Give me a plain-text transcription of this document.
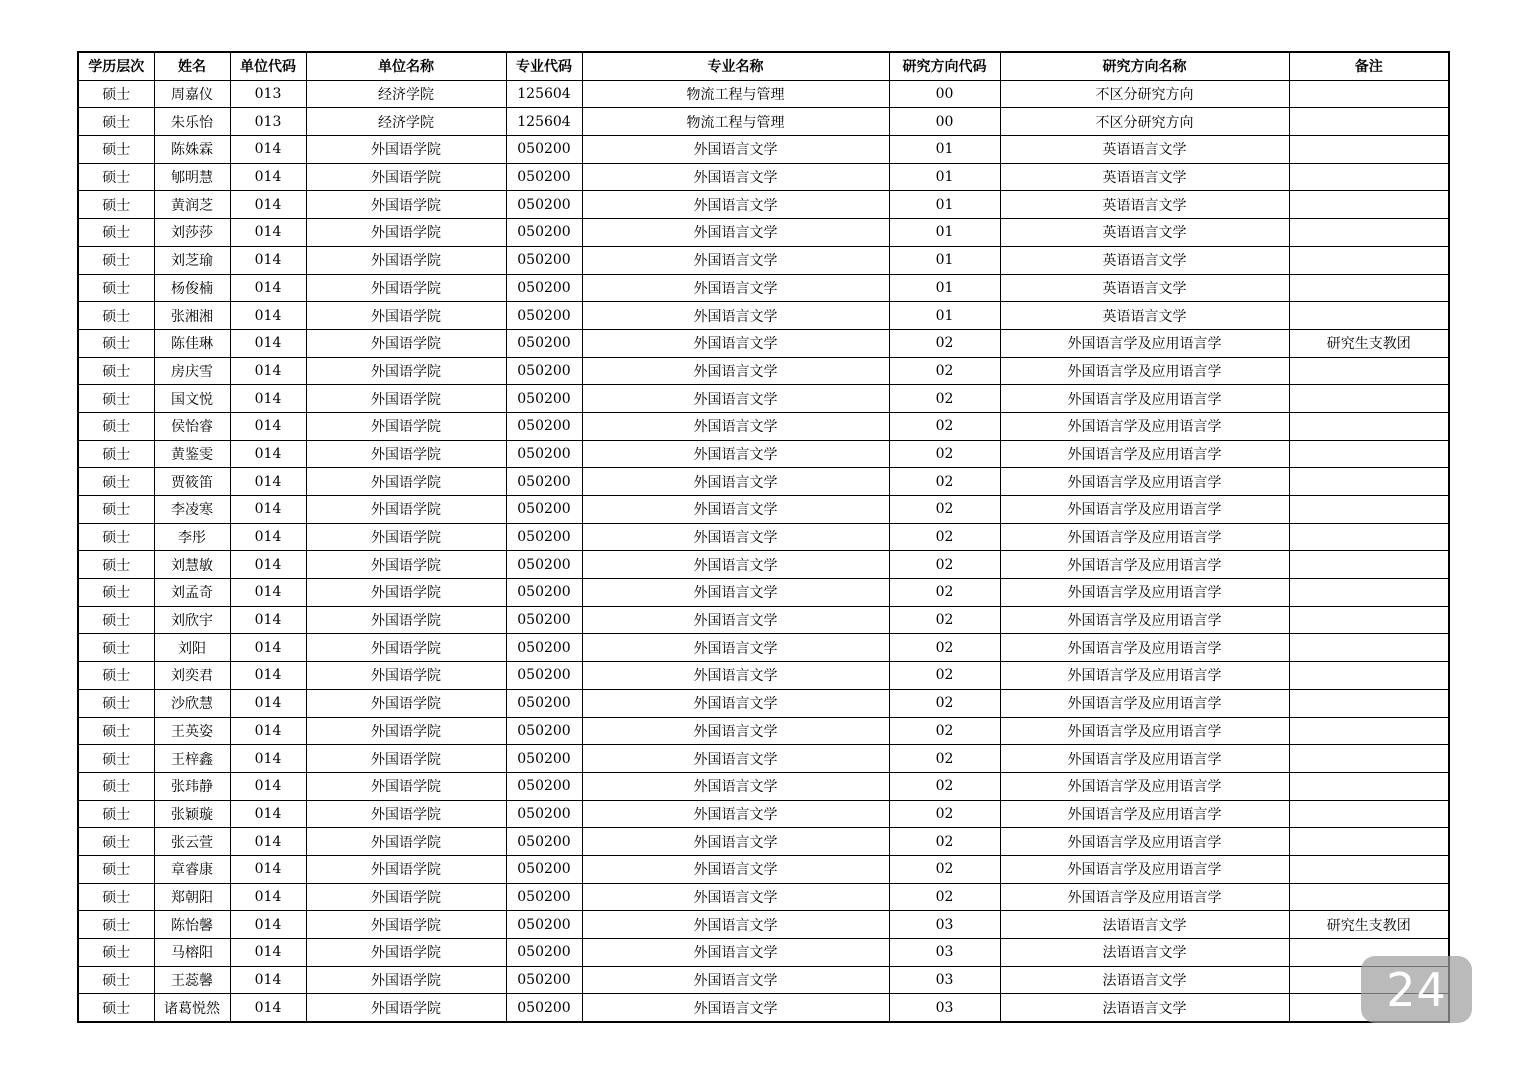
学历层次	姓名	单位代码	单位名称	专业代码	专业名称	研究方向代码	研究方向名称	备注
硕士	周嘉仪	013	经济学院	125604	物流工程与管理	00	不区分研究方向	
硕士	朱乐怡	013	经济学院	125604	物流工程与管理	00	不区分研究方向	
硕士	陈姝霖	014	外国语学院	050200	外国语言文学	01	英语语言文学	
硕士	郇明慧	014	外国语学院	050200	外国语言文学	01	英语语言文学	
硕士	黄润芝	014	外国语学院	050200	外国语言文学	01	英语语言文学	
硕士	刘莎莎	014	外国语学院	050200	外国语言文学	01	英语语言文学	
硕士	刘芝瑜	014	外国语学院	050200	外国语言文学	01	英语语言文学	
硕士	杨俊楠	014	外国语学院	050200	外国语言文学	01	英语语言文学	
硕士	张湘湘	014	外国语学院	050200	外国语言文学	01	英语语言文学	
硕士	陈佳琳	014	外国语学院	050200	外国语言文学	02	外国语言学及应用语言学	研究生支教团
硕士	房庆雪	014	外国语学院	050200	外国语言文学	02	外国语言学及应用语言学	
硕士	国文悦	014	外国语学院	050200	外国语言文学	02	外国语言学及应用语言学	
硕士	侯怡睿	014	外国语学院	050200	外国语言文学	02	外国语言学及应用语言学	
硕士	黄鉴雯	014	外国语学院	050200	外国语言文学	02	外国语言学及应用语言学	
硕士	贾筱笛	014	外国语学院	050200	外国语言文学	02	外国语言学及应用语言学	
硕士	李凌寒	014	外国语学院	050200	外国语言文学	02	外国语言学及应用语言学	
硕士	李彤	014	外国语学院	050200	外国语言文学	02	外国语言学及应用语言学	
硕士	刘慧敏	014	外国语学院	050200	外国语言文学	02	外国语言学及应用语言学	
硕士	刘孟奇	014	外国语学院	050200	外国语言文学	02	外国语言学及应用语言学	
硕士	刘欣宇	014	外国语学院	050200	外国语言文学	02	外国语言学及应用语言学	
硕士	刘阳	014	外国语学院	050200	外国语言文学	02	外国语言学及应用语言学	
硕士	刘奕君	014	外国语学院	050200	外国语言文学	02	外国语言学及应用语言学	
硕士	沙欣慧	014	外国语学院	050200	外国语言文学	02	外国语言学及应用语言学	
硕士	王英姿	014	外国语学院	050200	外国语言文学	02	外国语言学及应用语言学	
硕士	王梓鑫	014	外国语学院	050200	外国语言文学	02	外国语言学及应用语言学	
硕士	张玮静	014	外国语学院	050200	外国语言文学	02	外国语言学及应用语言学	
硕士	张颖璇	014	外国语学院	050200	外国语言文学	02	外国语言学及应用语言学	
硕士	张云萱	014	外国语学院	050200	外国语言文学	02	外国语言学及应用语言学	
硕士	章睿康	014	外国语学院	050200	外国语言文学	02	外国语言学及应用语言学	
硕士	郑朝阳	014	外国语学院	050200	外国语言文学	02	外国语言学及应用语言学	
硕士	陈怡馨	014	外国语学院	050200	外国语言文学	03	法语语言文学	研究生支教团
硕士	马榕阳	014	外国语学院	050200	外国语言文学	03	法语语言文学	
硕士	王蕊馨	014	外国语学院	050200	外国语言文学	03	法语语言文学	
硕士	诸葛悦然	014	外国语学院	050200	外国语言文学	03	法语语言文学		24
